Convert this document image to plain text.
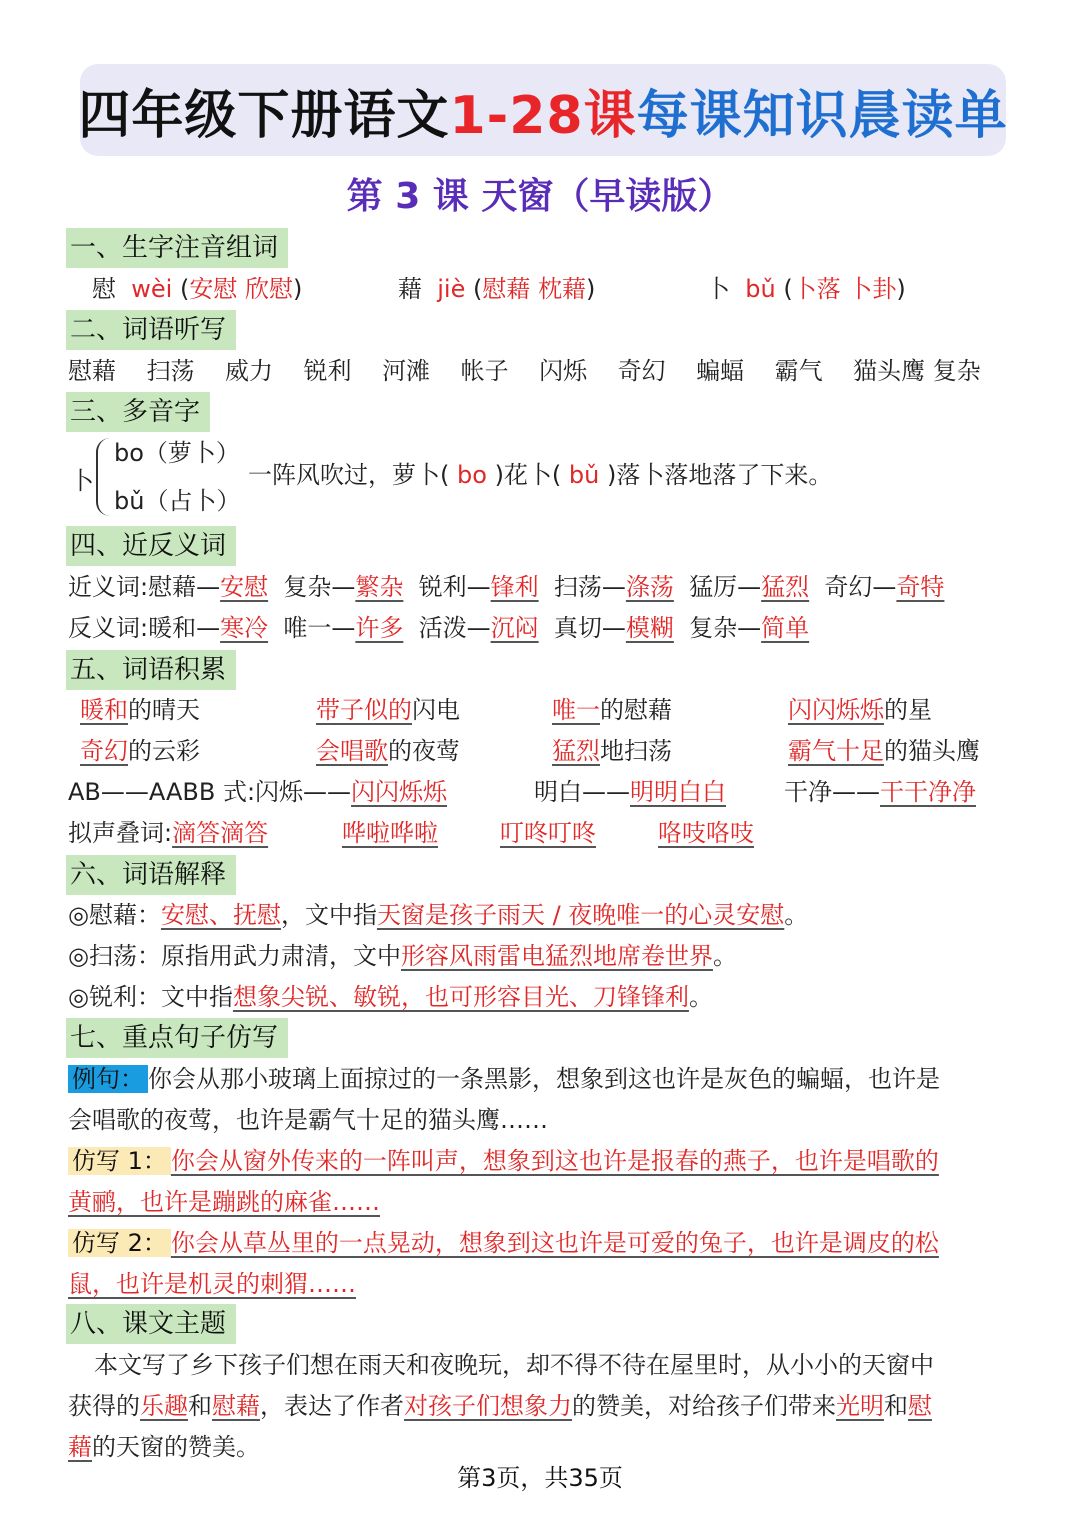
四年级下册语文 1-28课 每课知识晨读单
第 3 课 天窗（早读版）
一、生字注音组词
慰 wèi (安慰 欣慰)	藉 jiè (慰藉 枕藉)	卜 bǔ (卜落 卜卦)
二、词语听写
慰藉 扫荡 威力 锐利 河滩 帐子 闪烁 奇幻 蝙蝠 霸气 猫头鹰 复杂
三、多音字
卜
bo（萝卜）
bǔ（占卜）
一阵风吹过，萝卜( bo )花卜( bǔ )落卜落地落了下来。
四、近反义词
近义词:慰藉—安慰 复杂—繁杂 锐利—锋利 扫荡—涤荡 猛厉—猛烈 奇幻—奇特
反义词:暖和—寒冷 唯一—许多 活泼—沉闷 真切—模糊 复杂—简单
五、词语积累
暖和的晴天	带子似的闪电	唯一的慰藉	闪闪烁烁的星
奇幻的云彩	会唱歌的夜莺	猛烈地扫荡	霸气十足的猫头鹰
AB——AABB 式:闪烁——闪闪烁烁	明白——明明白白 干净——干干净净
拟声叠词:滴答滴答	哗啦哗啦	叮咚叮咚	咯吱咯吱
六、词语解释
◎慰藉：安慰、抚慰，文中指天窗是孩子雨天 / 夜晚唯一的心灵安慰。
◎扫荡：原指用武力肃清，文中形容风雨雷电猛烈地席卷世界。
◎锐利：文中指想象尖锐、敏锐，也可形容目光、刀锋锋利。
七、重点句子仿写
例句： 你会从那小玻璃上面掠过的一条黑影，想象到这也许是灰色的蝙蝠，也许是
会唱歌的夜莺，也许是霸气十足的猫头鹰……
仿写 1： 你会从窗外传来的一阵叫声，想象到这也许是报春的燕子，也许是唱歌的
黄鹂，也许是蹦跳的麻雀……
仿写 2： 你会从草丛里的一点晃动，想象到这也许是可爱的兔子，也许是调皮的松
鼠，也许是机灵的刺猬……
八、课文主题
本文写了乡下孩子们想在雨天和夜晚玩，却不得不待在屋里时，从小小的天窗中
获得的乐趣和慰藉，表达了作者对孩子们想象力的赞美，对给孩子们带来光明和慰
藉的天窗的赞美。
第3页，共35页
